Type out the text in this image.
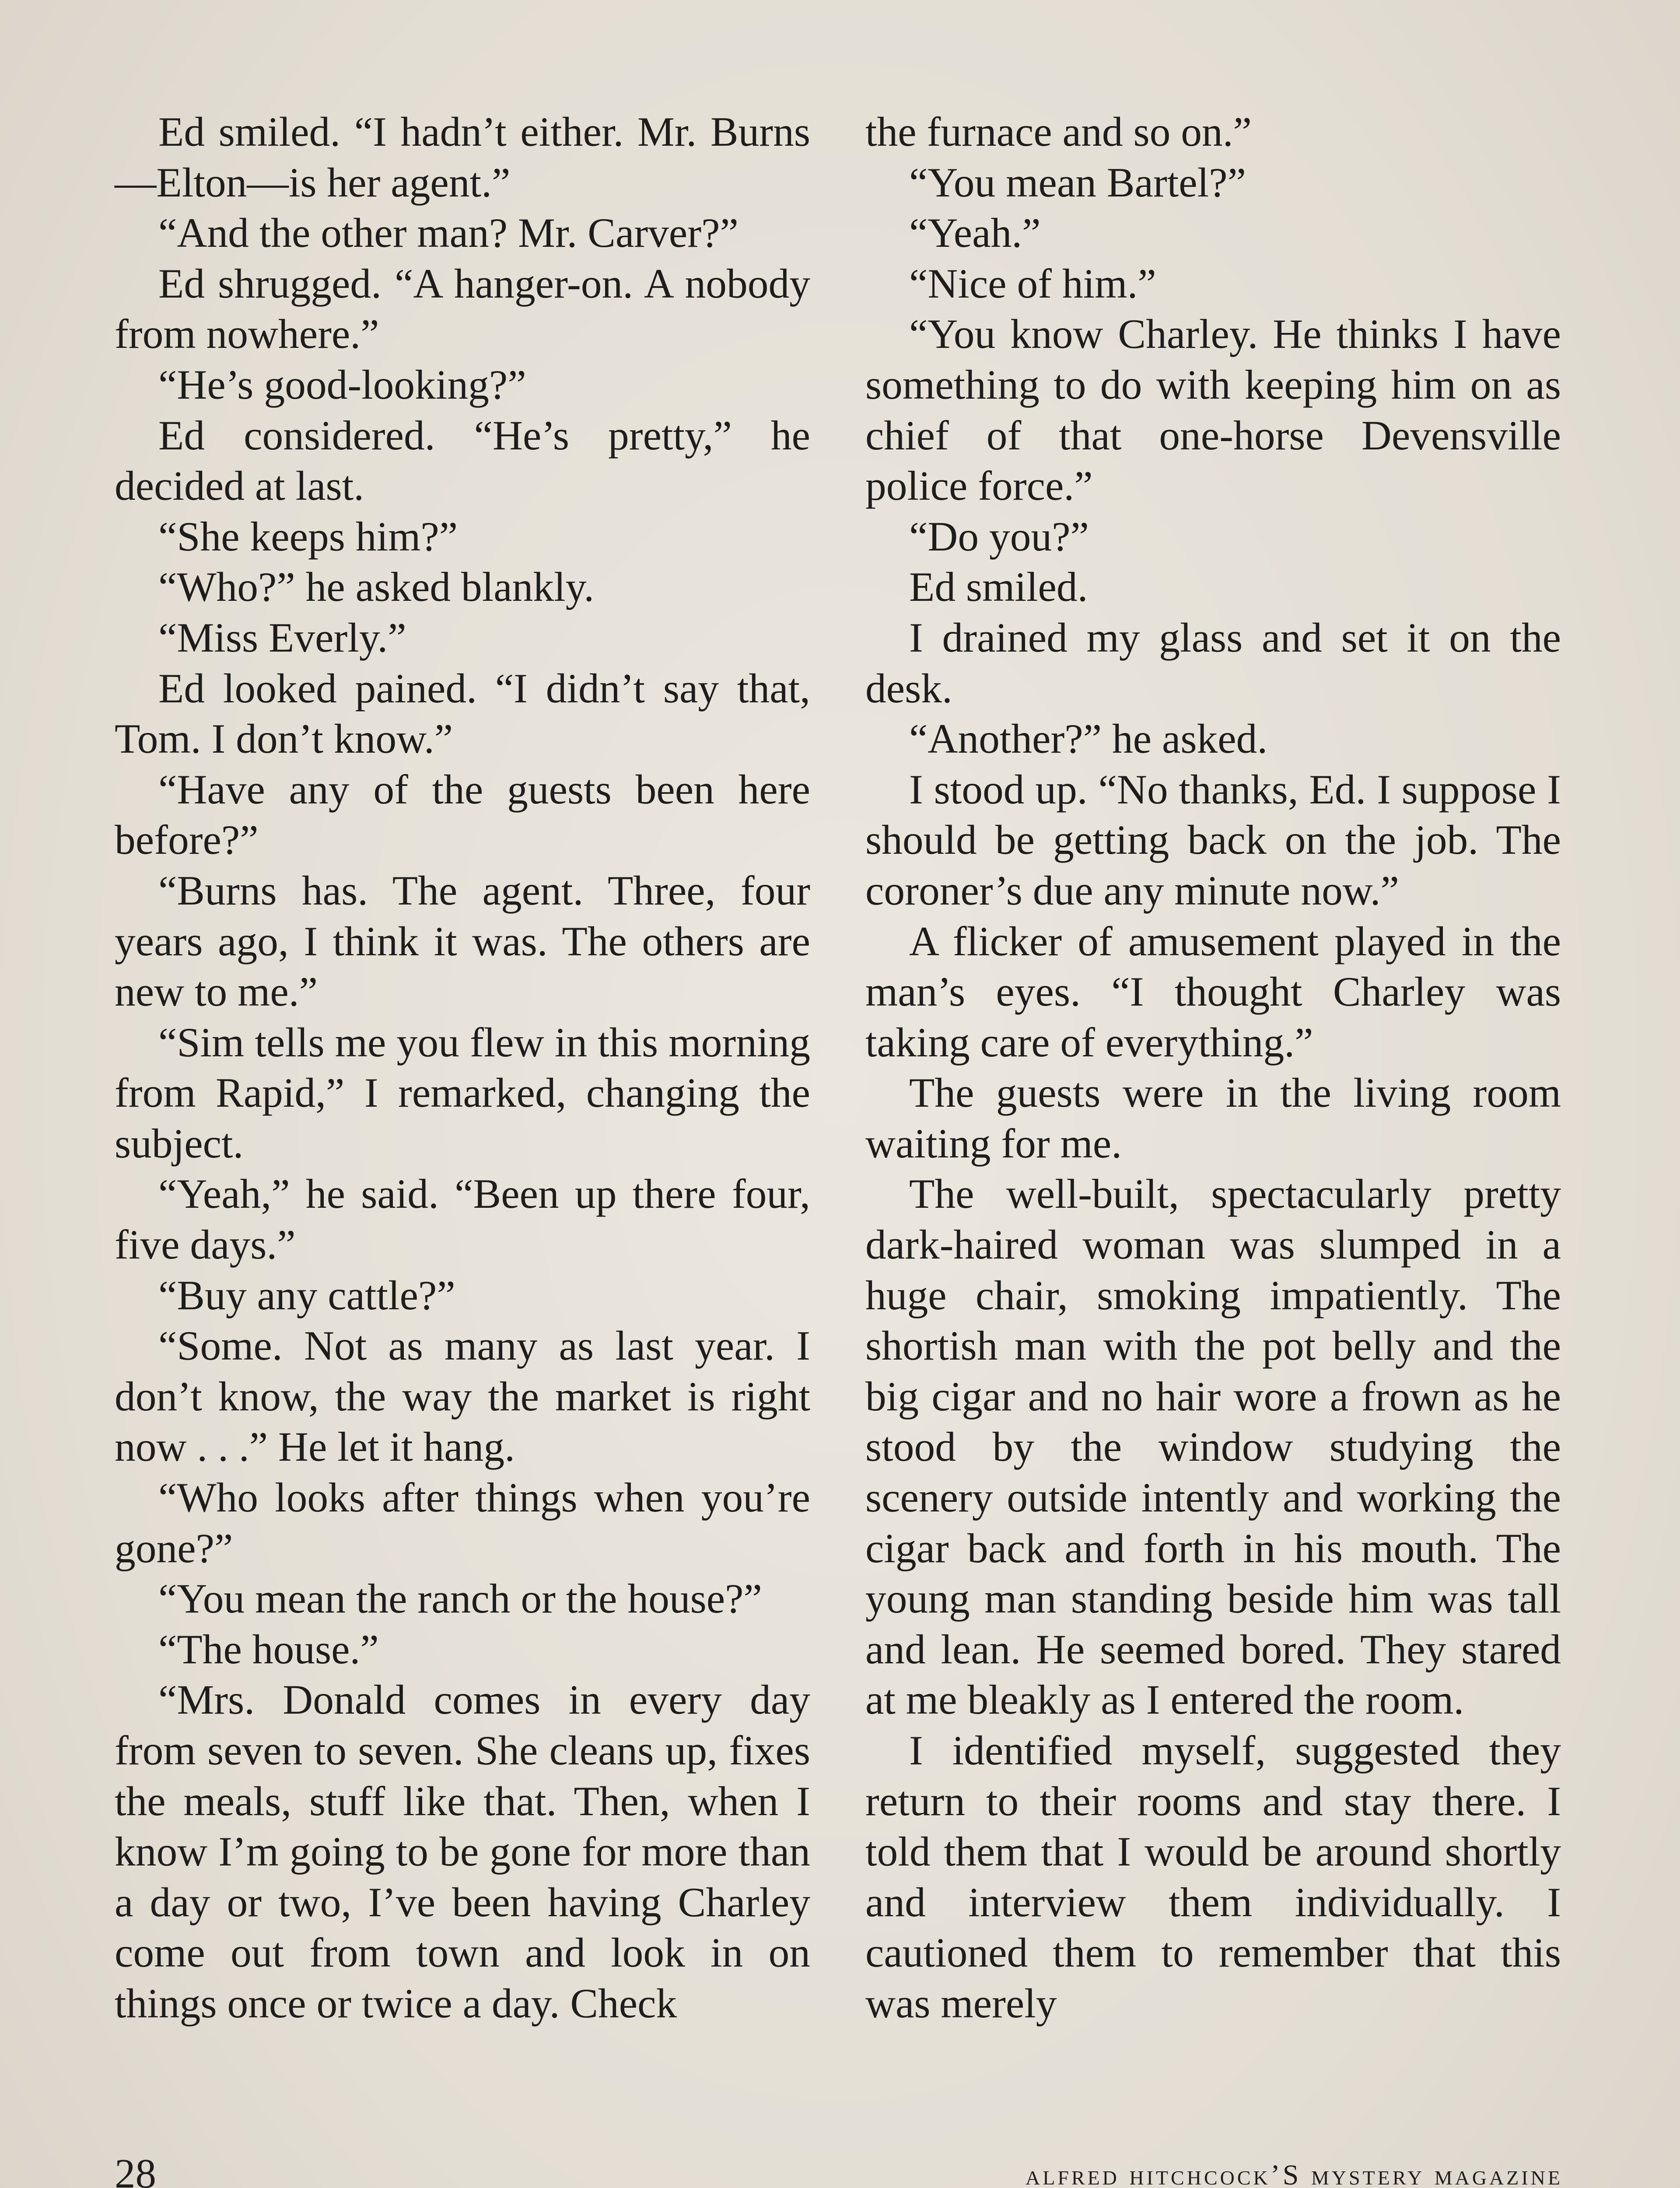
Ed smiled. “I hadn’t either. Mr. Burns—Elton—is her agent.”

“And the other man? Mr. Carver?”

Ed shrugged. “A hanger-on. A nobody from nowhere.”

“He’s good-looking?”

Ed considered. “He’s pretty,” he decided at last.

“She keeps him?”

“Who?” he asked blankly.

“Miss Everly.”

Ed looked pained. “I didn’t say that, Tom. I don’t know.”

“Have any of the guests been here before?”

“Burns has. The agent. Three, four years ago, I think it was. The others are new to me.”

“Sim tells me you flew in this morning from Rapid,” I remarked, changing the subject.

“Yeah,” he said. “Been up there four, five days.”

“Buy any cattle?”

“Some. Not as many as last year. I don’t know, the way the market is right now . . .” He let it hang.

“Who looks after things when you’re gone?”

“You mean the ranch or the house?”

“The house.”

“Mrs. Donald comes in every day from seven to seven. She cleans up, fixes the meals, stuff like that. Then, when I know I’m going to be gone for more than a day or two, I’ve been having Charley come out from town and look in on things once or twice a day. Check

the furnace and so on.”

“You mean Bartel?”

“Yeah.”

“Nice of him.”

“You know Charley. He thinks I have something to do with keeping him on as chief of that one-horse Devensville police force.”

“Do you?”

Ed smiled.

I drained my glass and set it on the desk.

“Another?” he asked.

I stood up. “No thanks, Ed. I suppose I should be getting back on the job. The coroner’s due any minute now.”

A flicker of amusement played in the man’s eyes. “I thought Charley was taking care of everything.”

The guests were in the living room waiting for me.

The well-built, spectacularly pretty dark-haired woman was slumped in a huge chair, smoking impatiently. The shortish man with the pot belly and the big cigar and no hair wore a frown as he stood by the window studying the scenery outside intently and working the cigar back and forth in his mouth. The young man standing beside him was tall and lean. He seemed bored. They stared at me bleakly as I entered the room.

I identified myself, suggested they return to their rooms and stay there. I told them that I would be around shortly and interview them individually. I cautioned them to remember that this was merely

28	alfred hitchcock’S mystery magazine
